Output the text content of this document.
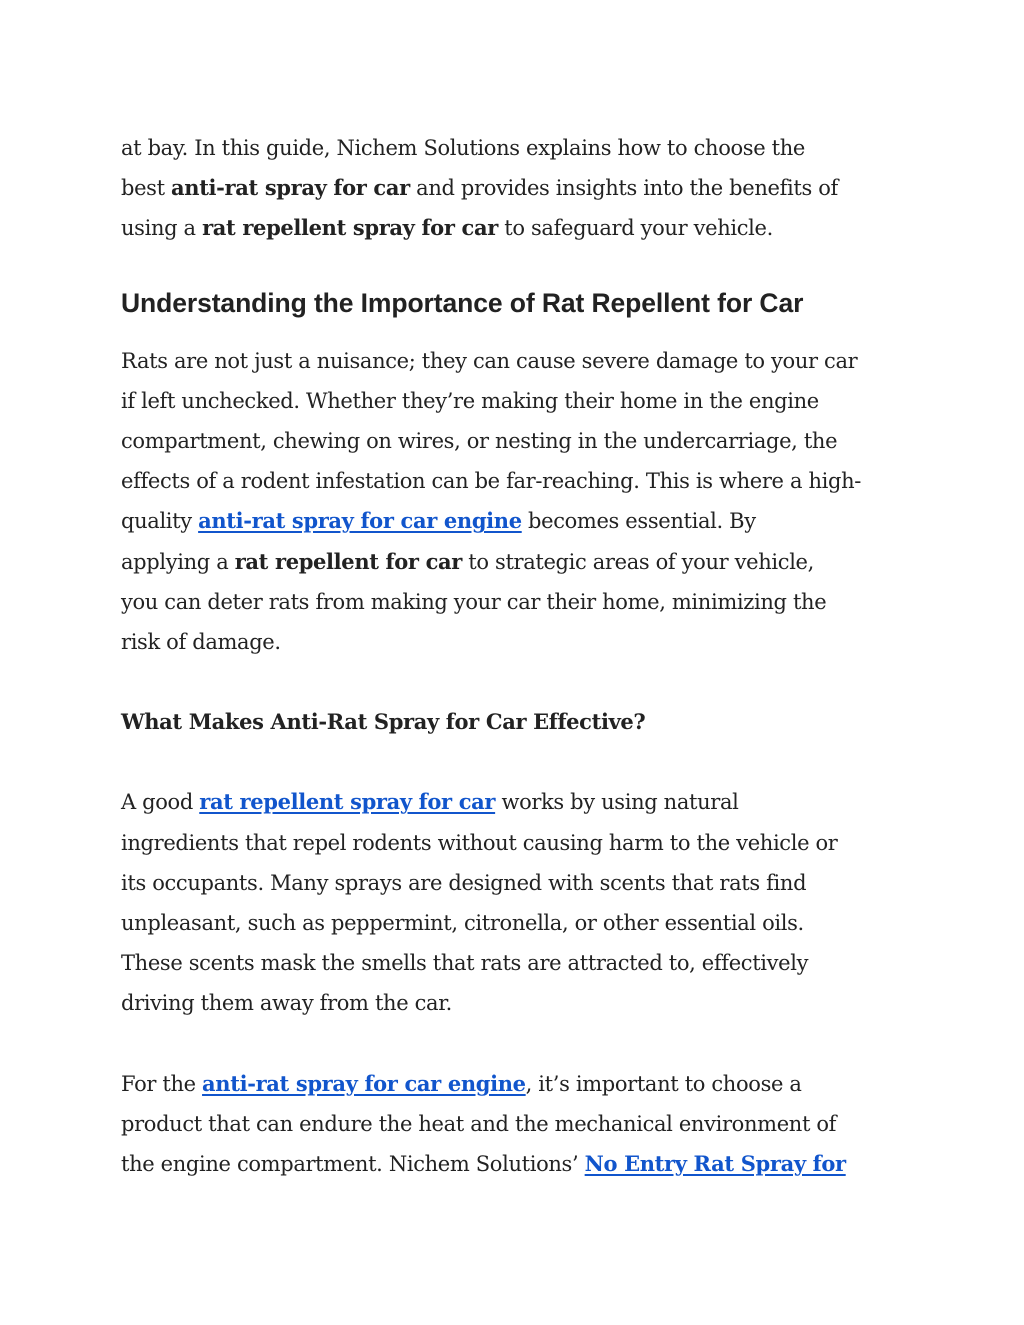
at bay. In this guide, Nichem Solutions explains how to choose the
best anti-rat spray for car and provides insights into the benefits of
using a rat repellent spray for car to safeguard your vehicle.

Understanding the Importance of Rat Repellent for Car

Rats are not just a nuisance; they can cause severe damage to your car
if left unchecked. Whether they’re making their home in the engine
compartment, chewing on wires, or nesting in the undercarriage, the
effects of a rodent infestation can be far-reaching. This is where a high-
quality anti-rat spray for car engine becomes essential. By
applying a rat repellent for car to strategic areas of your vehicle,
you can deter rats from making your car their home, minimizing the
risk of damage.

What Makes Anti-Rat Spray for Car Effective?

A good rat repellent spray for car works by using natural
ingredients that repel rodents without causing harm to the vehicle or
its occupants. Many sprays are designed with scents that rats find
unpleasant, such as peppermint, citronella, or other essential oils.
These scents mask the smells that rats are attracted to, effectively
driving them away from the car.

For the anti-rat spray for car engine, it’s important to choose a
product that can endure the heat and the mechanical environment of
the engine compartment. Nichem Solutions’ No Entry Rat Spray for
